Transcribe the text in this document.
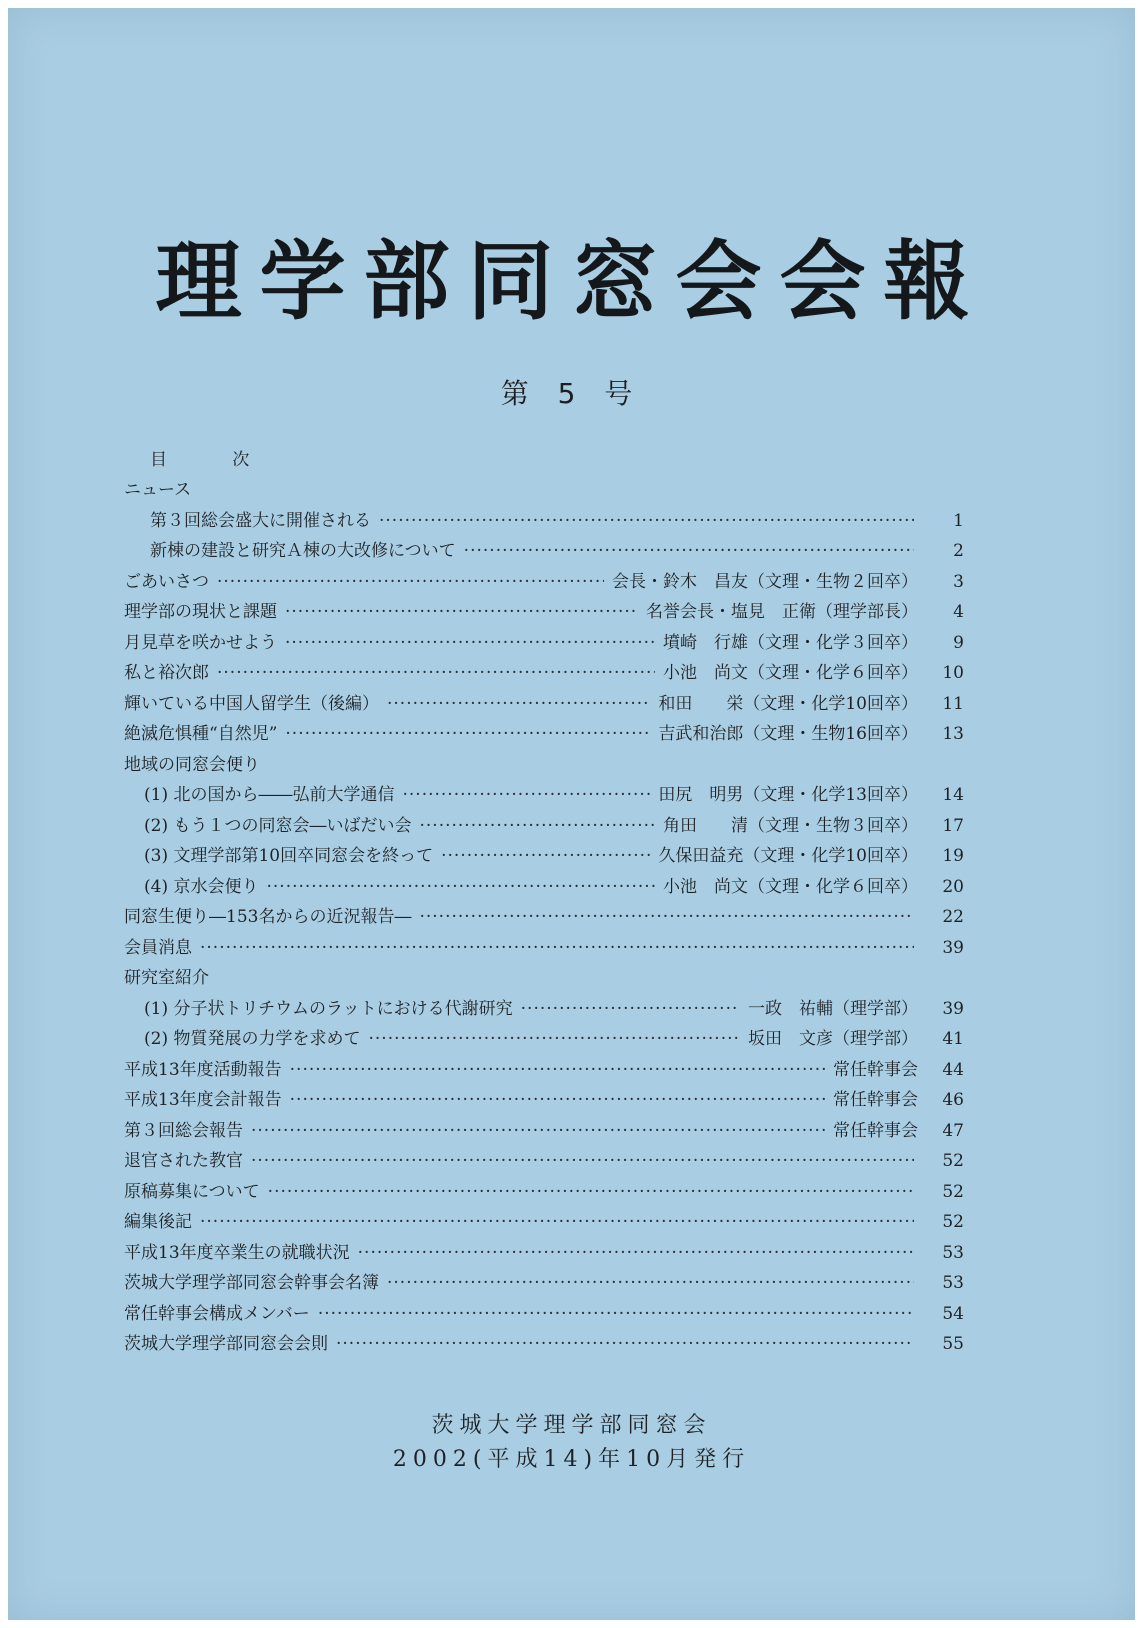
理学部同窓会会報
第 5 号
目 次
ニュース
第３回総会盛大に開催される ·····	1
新棟の建設と研究Ａ棟の大改修について ·····	2
ごあいさつ ·····	会長・鈴木　昌友（文理・生物２回卒）	3
理学部の現状と課題 ·····	名誉会長・塩見　正衛（理学部長）	4
月見草を咲かせよう ·····	墳崎　行雄（文理・化学３回卒）	9
私と裕次郎 ·····	小池　尚文（文理・化学６回卒）	10
輝いている中国人留学生（後編） ·····	和田　　栄（文理・化学10回卒）	11
絶滅危惧種“自然児” ·····	吉武和治郎（文理・生物16回卒）	13
地域の同窓会便り
(1) 北の国から――弘前大学通信 ·····	田尻　明男（文理・化学13回卒）	14
(2) もう１つの同窓会―いばだい会 ·····	角田　　清（文理・生物３回卒）	17
(3) 文理学部第10回卒同窓会を終って ·····	久保田益充（文理・化学10回卒）	19
(4) 京水会便り ·····	小池　尚文（文理・化学６回卒）	20
同窓生便り―153名からの近況報告― ·····	22
会員消息 ·····	39
研究室紹介
(1) 分子状トリチウムのラットにおける代謝研究 ·····	一政　祐輔（理学部）	39
(2) 物質発展の力学を求めて ·····	坂田　文彦（理学部）	41
平成13年度活動報告 ·····	常任幹事会	44
平成13年度会計報告 ·····	常任幹事会	46
第３回総会報告 ·····	常任幹事会	47
退官された教官 ·····	52
原稿募集について ·····	52
編集後記 ·····	52
平成13年度卒業生の就職状況 ·····	53
茨城大学理学部同窓会幹事会名簿 ·····	53
常任幹事会構成メンバー ·····	54
茨城大学理学部同窓会会則 ·····	55
茨城大学理学部同窓会
2002(平成14)年10月発行
